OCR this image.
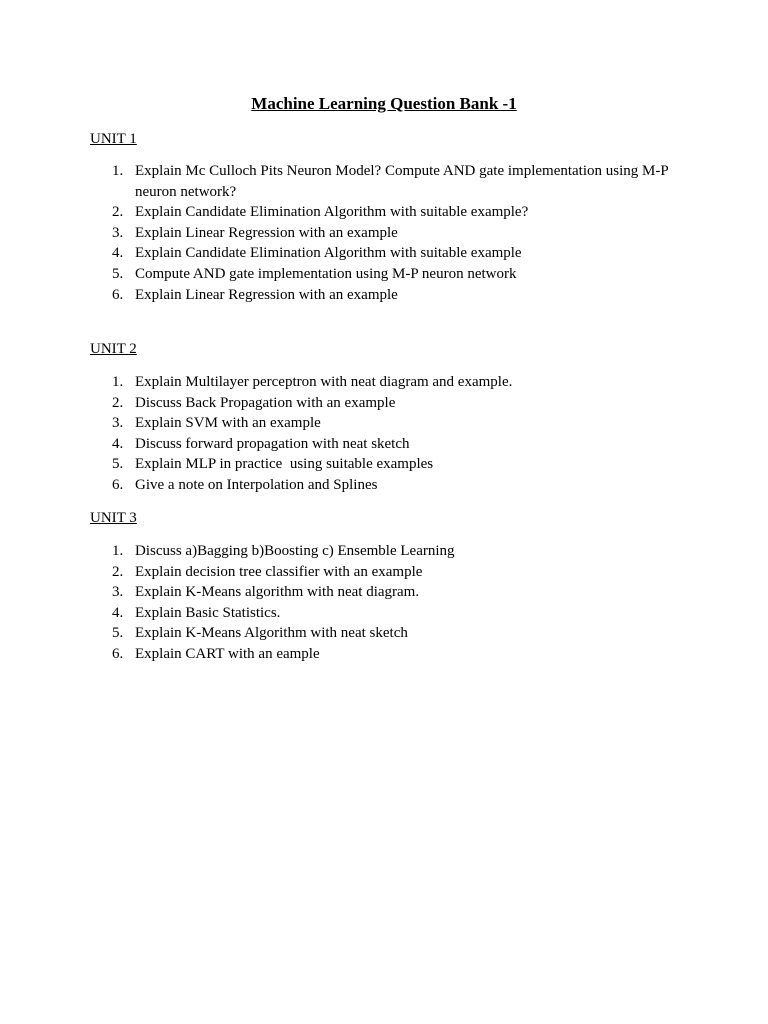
Machine Learning Question Bank -1
UNIT 1
1. Explain Mc Culloch Pits Neuron Model? Compute AND gate implementation using M-P neuron network?
2. Explain Candidate Elimination Algorithm with suitable example?
3. Explain Linear Regression with an example
4. Explain Candidate Elimination Algorithm with suitable example
5. Compute AND gate implementation using M-P neuron network
6. Explain Linear Regression with an example
UNIT 2
1. Explain Multilayer perceptron with neat diagram and example.
2. Discuss Back Propagation with an example
3. Explain SVM with an example
4. Discuss forward propagation with neat sketch
5. Explain MLP in practice  using suitable examples
6. Give a note on Interpolation and Splines
UNIT 3
1. Discuss a)Bagging b)Boosting c) Ensemble Learning
2. Explain decision tree classifier with an example
3. Explain K-Means algorithm with neat diagram.
4. Explain Basic Statistics.
5. Explain K-Means Algorithm with neat sketch
6. Explain CART with an eample
